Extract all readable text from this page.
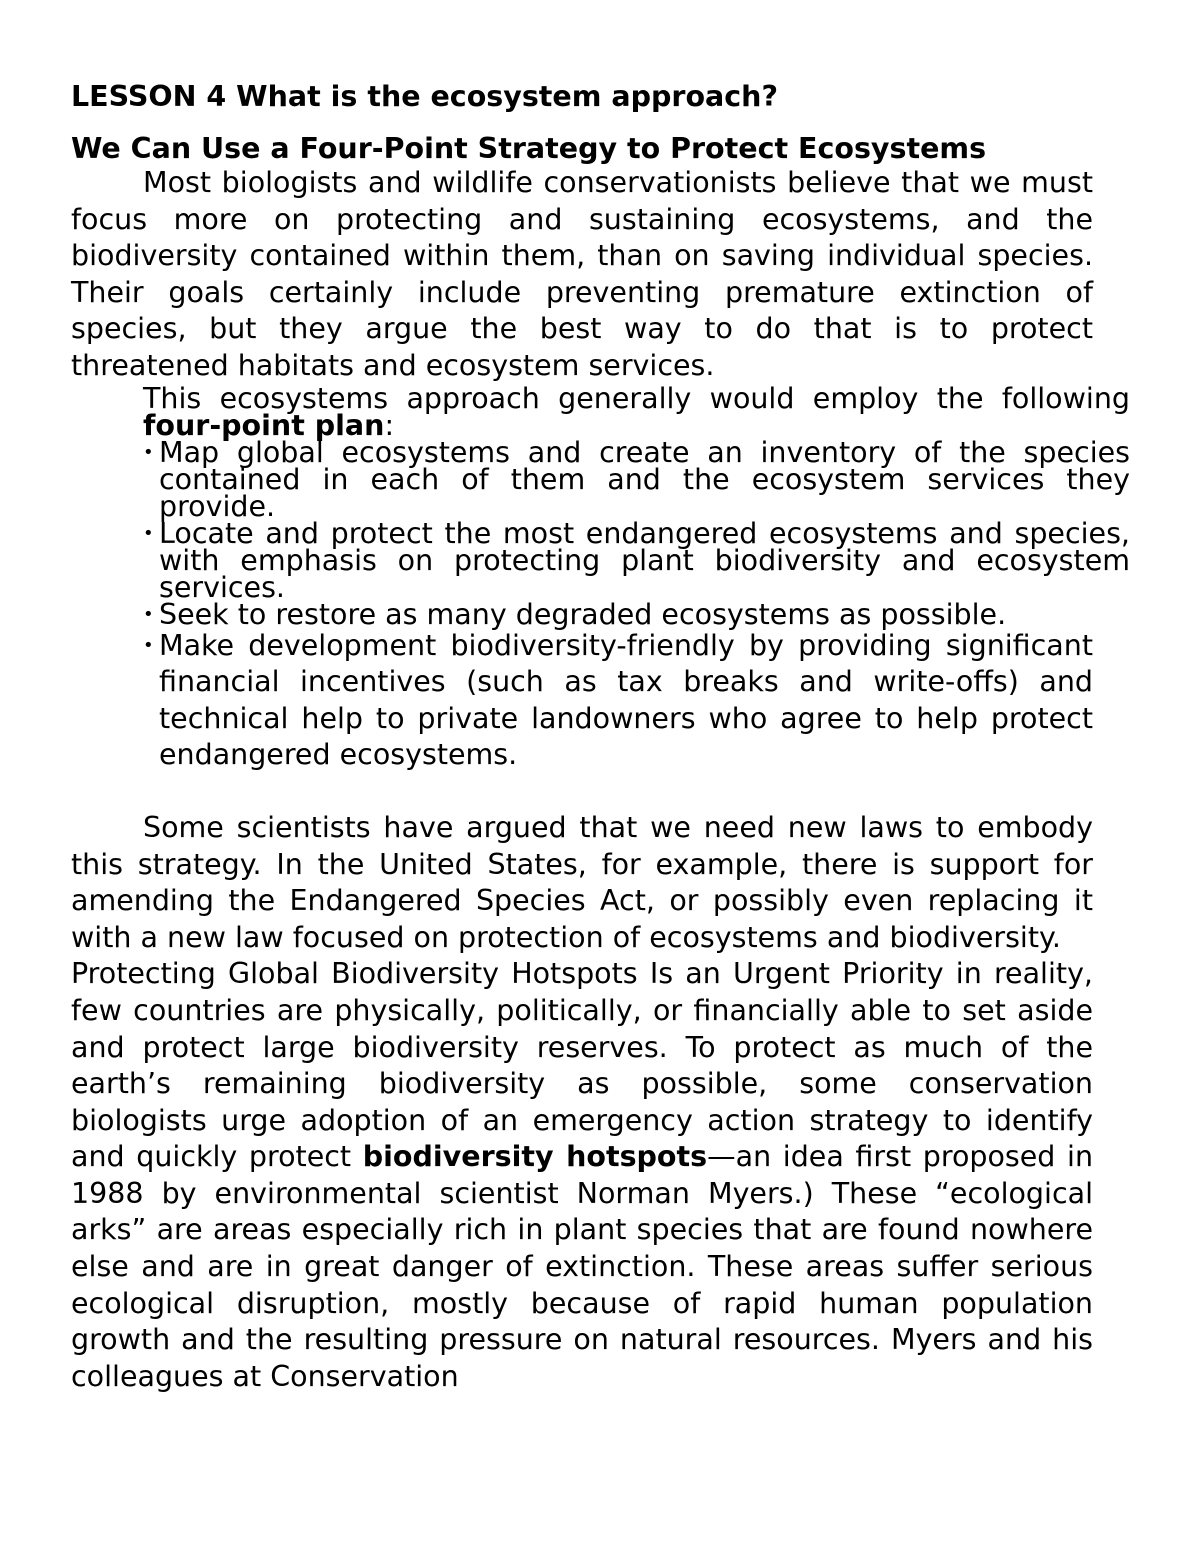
LESSON 4 What is the ecosystem approach?
We Can Use a Four-Point Strategy to Protect Ecosystems

Most biologists and wildlife conservationists believe that we must focus more on protecting and sustaining ecosystems, and the biodiversity contained within them, than on saving individual species. Their goals certainly include preventing premature extinction of species, but they argue the best way to do that is to protect threatened habitats and ecosystem services.

This ecosystems approach generally would employ the following four-point plan:

• Map global ecosystems and create an inventory of the species contained in each of them and the ecosystem services they provide.
• Locate and protect the most endangered ecosystems and species, with emphasis on protecting plant biodiversity and ecosystem services.
• Seek to restore as many degraded ecosystems as possible.
• Make development biodiversity-friendly by providing significant financial incentives (such as tax breaks and write-offs) and technical help to private landowners who agree to help protect endangered ecosystems.

Some scientists have argued that we need new laws to embody this strategy. In the United States, for example, there is support for amending the Endangered Species Act, or possibly even replacing it with a new law focused on protection of ecosystems and biodiversity.

Protecting Global Biodiversity Hotspots Is an Urgent Priority in reality, few countries are physically, politically, or financially able to set aside and protect large biodiversity reserves. To protect as much of the earth’s remaining biodiversity as possible, some conservation biologists urge adoption of an emergency action strategy to identify and quickly protect biodiversity hotspots—an idea first proposed in 1988 by environmental scientist Norman Myers.) These “ecological arks” are areas especially rich in plant species that are found nowhere else and are in great danger of extinction. These areas suffer serious ecological disruption, mostly because of rapid human population growth and the resulting pressure on natural resources. Myers and his colleagues at Conservation
